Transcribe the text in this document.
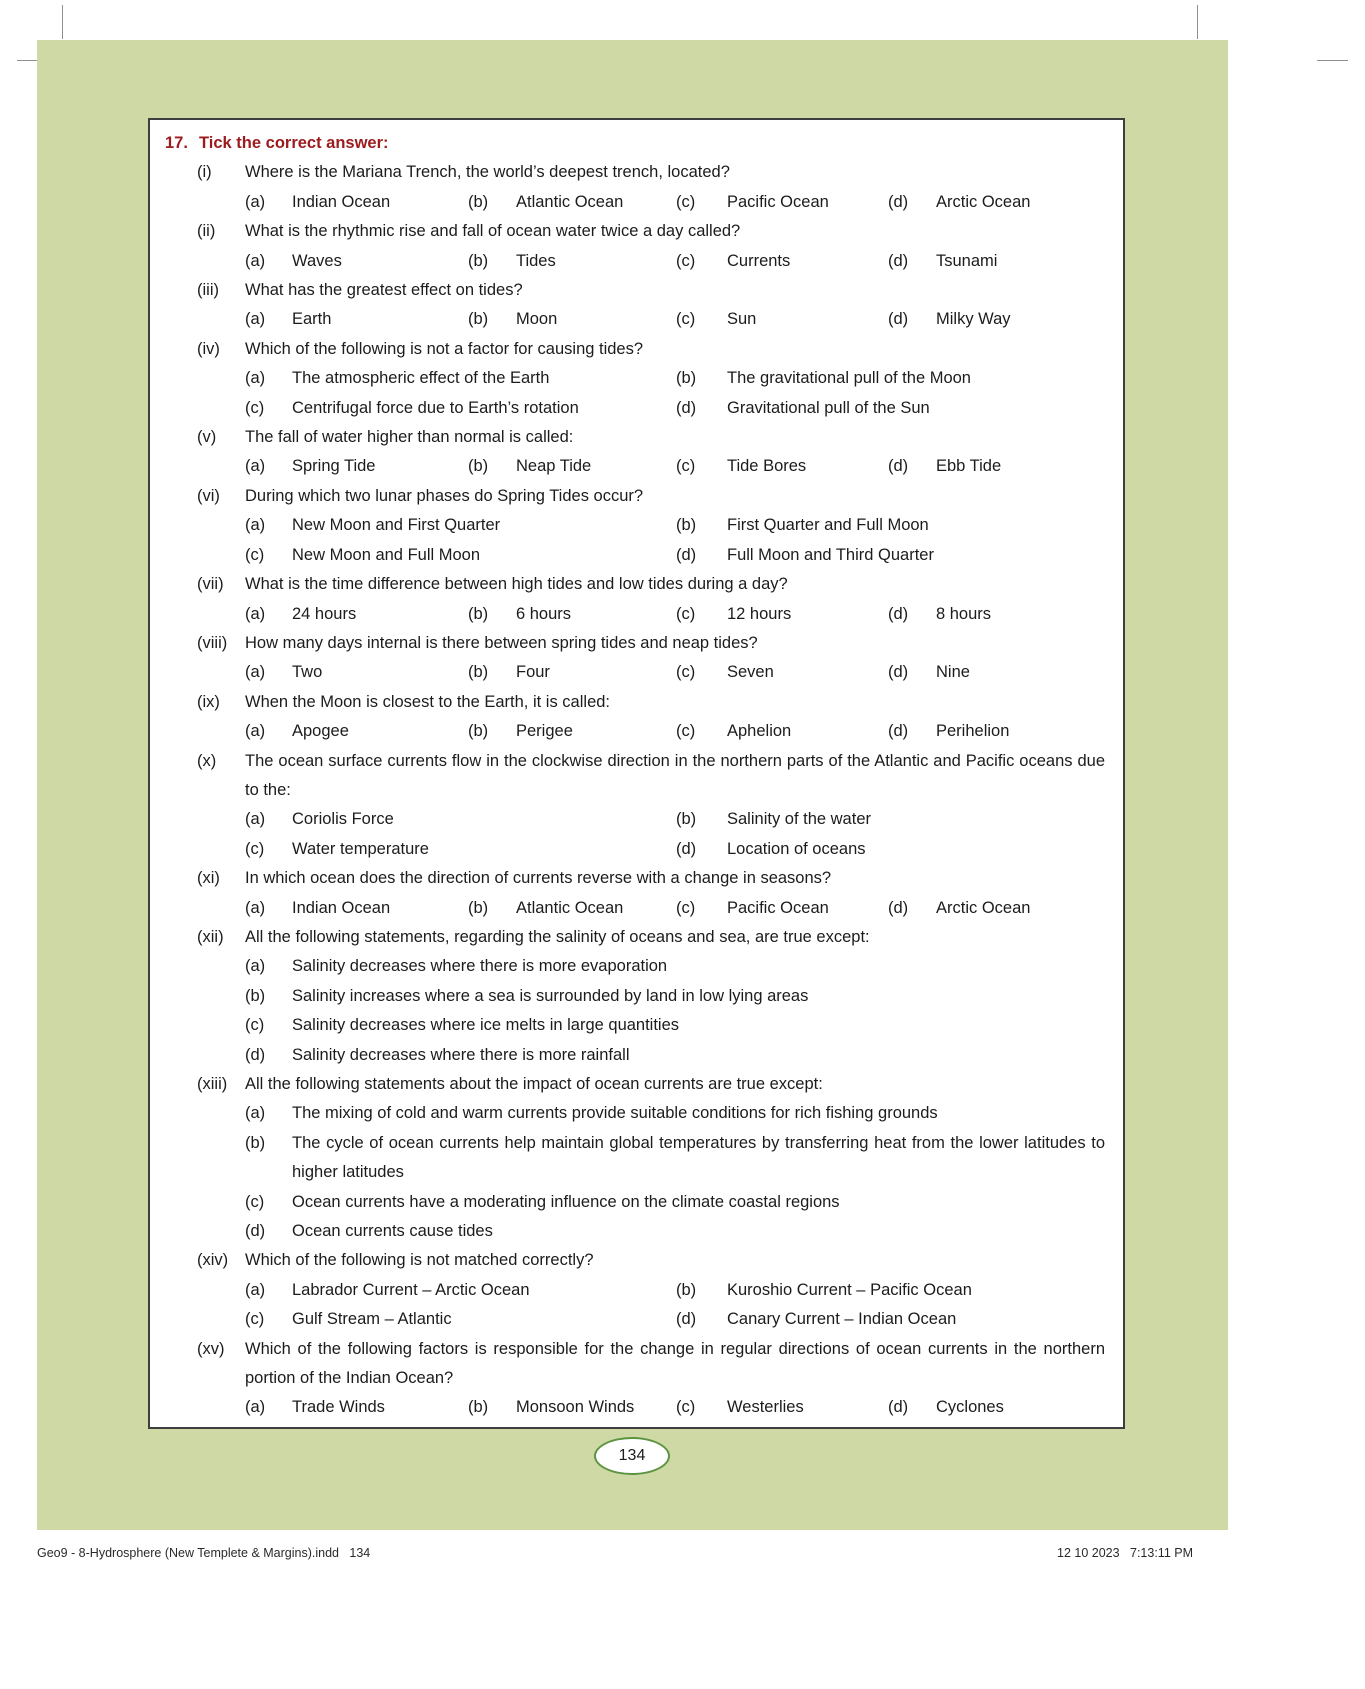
17. Tick the correct answer:
(i)	Where is the Mariana Trench, the world’s deepest trench, located?
(a)	Indian Ocean	(b)	Atlantic Ocean	(c)	Pacific Ocean	(d)	Arctic Ocean
(ii)	What is the rhythmic rise and fall of ocean water twice a day called?
(a)	Waves	(b)	Tides	(c)	Currents	(d)	Tsunami
(iii)	What has the greatest effect on tides?
(a)	Earth	(b)	Moon	(c)	Sun	(d)	Milky Way
(iv)	Which of the following is not a factor for causing tides?
(a)	The atmospheric effect of the Earth	(b)	The gravitational pull of the Moon
(c)	Centrifugal force due to Earth’s rotation	(d)	Gravitational pull of the Sun
(v)	The fall of water higher than normal is called:
(a)	Spring Tide	(b)	Neap Tide	(c)	Tide Bores	(d)	Ebb Tide
(vi)	During which two lunar phases do Spring Tides occur?
(a)	New Moon and First Quarter	(b)	First Quarter and Full Moon
(c)	New Moon and Full Moon	(d)	Full Moon and Third Quarter
(vii)	What is the time difference between high tides and low tides during a day?
(a)	24 hours	(b)	6 hours	(c)	12 hours	(d)	8 hours
(viii)	How many days internal is there between spring tides and neap tides?
(a)	Two	(b)	Four	(c)	Seven	(d)	Nine
(ix)	When the Moon is closest to the Earth, it is called:
(a)	Apogee	(b)	Perigee	(c)	Aphelion	(d)	Perihelion
(x)	The ocean surface currents flow in the clockwise direction in the northern parts of the Atlantic and Pacific oceans due to the:
(a)	Coriolis Force	(b)	Salinity of the water
(c)	Water temperature	(d)	Location of oceans
(xi)	In which ocean does the direction of currents reverse with a change in seasons?
(a)	Indian Ocean	(b)	Atlantic Ocean	(c)	Pacific Ocean	(d)	Arctic Ocean
(xii)	All the following statements, regarding the salinity of oceans and sea, are true except:
(a)	Salinity decreases where there is more evaporation
(b)	Salinity increases where a sea is surrounded by land in low lying areas
(c)	Salinity decreases where ice melts in large quantities
(d)	Salinity decreases where there is more rainfall
(xiii)	All the following statements about the impact of ocean currents are true except:
(a)	The mixing of cold and warm currents provide suitable conditions for rich fishing grounds
(b)	The cycle of ocean currents help maintain global temperatures by transferring heat from the lower latitudes to higher latitudes
(c)	Ocean currents have a moderating influence on the climate coastal regions
(d)	Ocean currents cause tides
(xiv)	Which of the following is not matched correctly?
(a)	Labrador Current – Arctic Ocean	(b)	Kuroshio Current – Pacific Ocean
(c)	Gulf Stream – Atlantic	(d)	Canary Current – Indian Ocean
(xv)	Which of the following factors is responsible for the change in regular directions of ocean currents in the northern portion of the Indian Ocean?
(a)	Trade Winds	(b)	Monsoon Winds	(c)	Westerlies	(d)	Cyclones
134
Geo9 - 8-Hydrosphere (New Templete & Margins).indd   134	12 10 2023   7:13:11 PM
